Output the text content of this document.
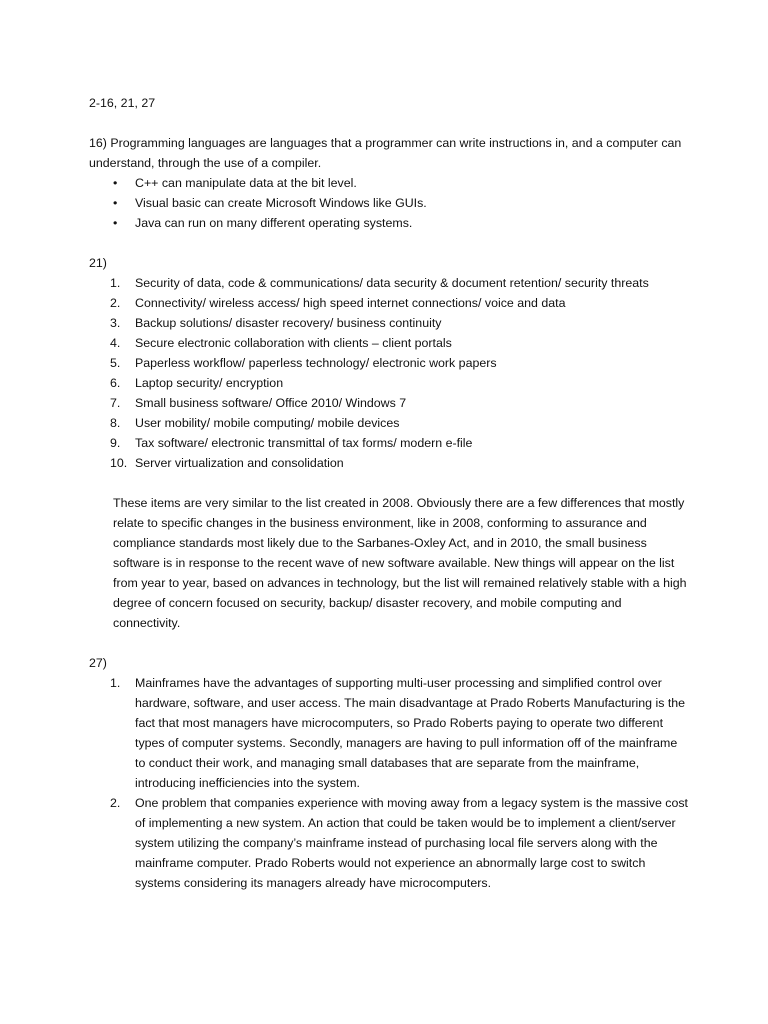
2-16, 21, 27

16) Programming languages are languages that a programmer can write instructions in, and a computer can understand, through the use of a compiler.

• C++ can manipulate data at the bit level.
• Visual basic can create Microsoft Windows like GUIs.
• Java can run on many different operating systems.

21)

1. Security of data, code & communications/ data security & document retention/ security threats
2. Connectivity/ wireless access/ high speed internet connections/ voice and data
3. Backup solutions/ disaster recovery/ business continuity
4. Secure electronic collaboration with clients – client portals
5. Paperless workflow/ paperless technology/ electronic work papers
6. Laptop security/ encryption
7. Small business software/ Office 2010/ Windows 7
8. User mobility/ mobile computing/ mobile devices
9. Tax software/ electronic transmittal of tax forms/ modern e-file
10. Server virtualization and consolidation

These items are very similar to the list created in 2008. Obviously there are a few differences that mostly relate to specific changes in the business environment, like in 2008, conforming to assurance and compliance standards most likely due to the Sarbanes-Oxley Act, and in 2010, the small business software is in response to the recent wave of new software available. New things will appear on the list from year to year, based on advances in technology, but the list will remained relatively stable with a high degree of concern focused on security, backup/ disaster recovery, and mobile computing and connectivity.

27)

1. Mainframes have the advantages of supporting multi-user processing and simplified control over hardware, software, and user access. The main disadvantage at Prado Roberts Manufacturing is the fact that most managers have microcomputers, so Prado Roberts paying to operate two different types of computer systems. Secondly, managers are having to pull information off of the mainframe to conduct their work, and managing small databases that are separate from the mainframe, introducing inefficiencies into the system.
2. One problem that companies experience with moving away from a legacy system is the massive cost of implementing a new system. An action that could be taken would be to implement a client/server system utilizing the company’s mainframe instead of purchasing local file servers along with the mainframe computer. Prado Roberts would not experience an abnormally large cost to switch systems considering its managers already have microcomputers.
